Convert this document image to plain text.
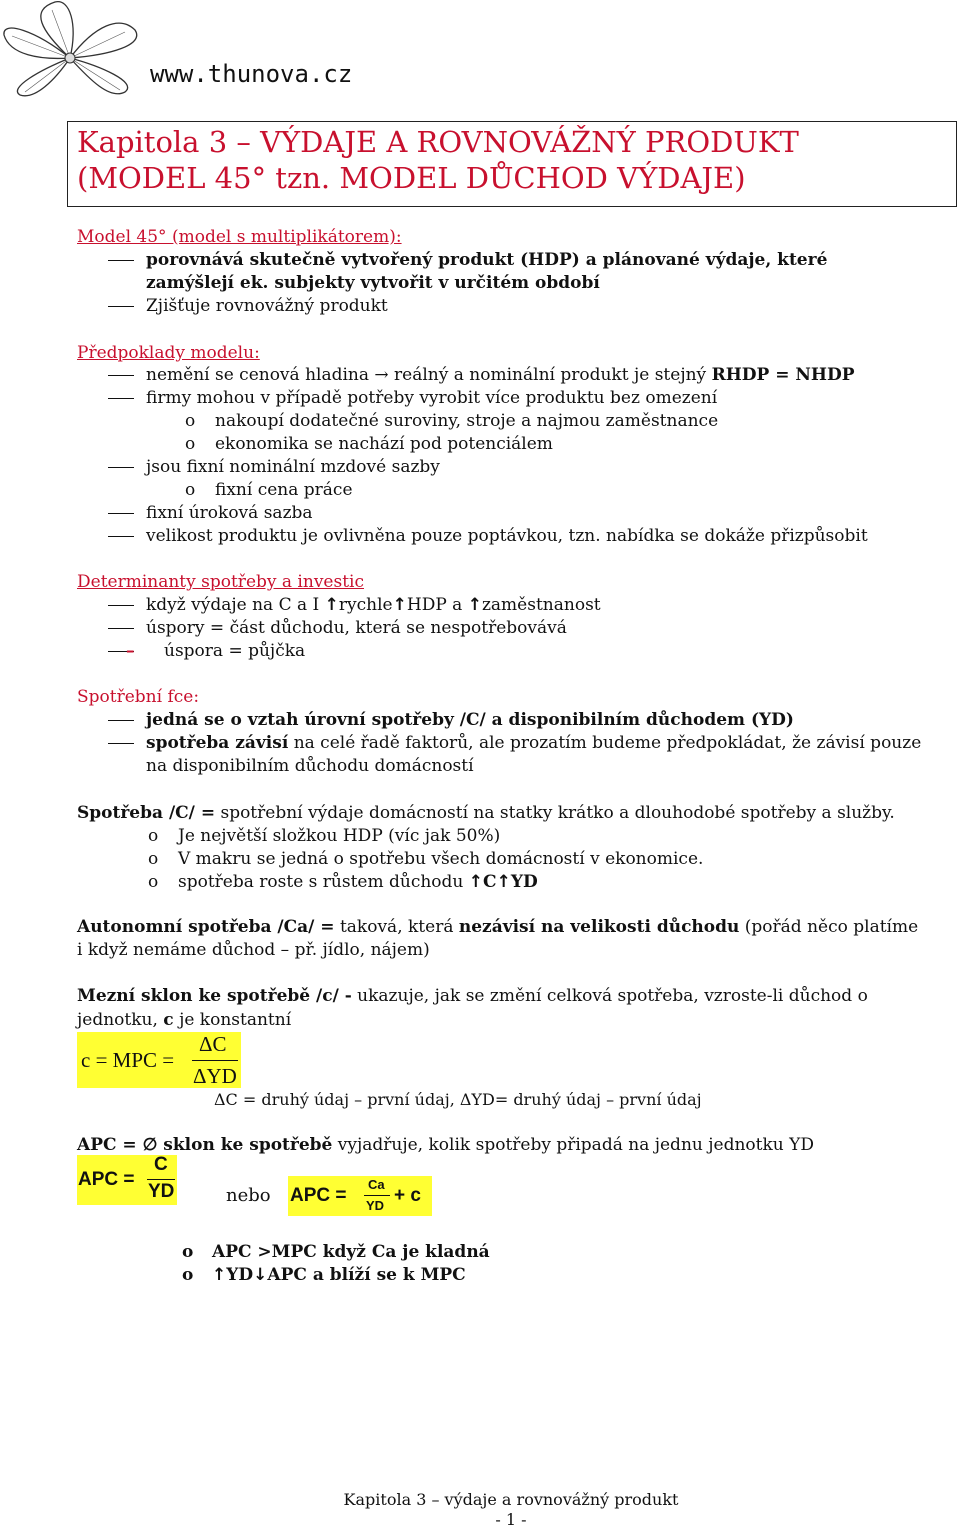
www.thunova.cz
Kapitola 3 – VÝDAJE A ROVNOVÁŽNÝ PRODUKT
(MODEL 45° tzn. MODEL DŮCHOD VÝDAJE)
Model 45° (model s multiplikátorem):
porovnává skutečně vytvořený produkt (HDP) a plánované výdaje, které
zamýšlejí ek. subjekty vytvořit v určitém období
Zjišťuje rovnovážný produkt
Předpoklady modelu:
nemění se cenová hladina → reálný a nominální produkt je stejný RHDP = NHDP
firmy mohou v případě potřeby vyrobit více produktu bez omezení
o nakoupí dodatečné suroviny, stroje a najmou zaměstnance
o ekonomika se nachází pod potenciálem
jsou fixní nominální mzdové sazby
o fixní cena práce
fixní úroková sazba
velikost produktu je ovlivněna pouze poptávkou, tzn. nabídka se dokáže přizpůsobit
Determinanty spotřeby a investic
když výdaje na C a I ↑rychle↑HDP a ↑zaměstnanost
úspory = část důchodu, která se nespotřebovává
– úspora = půjčka
Spotřební fce:
jedná se o vztah úrovní spotřeby /C/ a disponibilním důchodem (YD)
spotřeba závisí na celé řadě faktorů, ale prozatím budeme předpokládat, že závisí pouze
na disponibilním důchodu domácností
Spotřeba /C/ = spotřební výdaje domácností na statky krátko a dlouhodobé spotřeby a služby.
o Je největší složkou HDP (víc jak 50%)
o V makru se jedná o spotřebu všech domácností v ekonomice.
o spotřeba roste s růstem důchodu ↑C↑YD
Autonomní spotřeba /Ca/ = taková, která nezávisí na velikosti důchodu (pořád něco platíme
i když nemáme důchod – př. jídlo, nájem)
Mezní sklon ke spotřebě /c/ - ukazuje, jak se změní celková spotřeba, vzroste-li důchod o
jednotku, c je konstantní
c = MPC =
ΔC
ΔYD
ΔC = druhý údaj – první údaj, ΔYD= druhý údaj – první údaj
APC = ∅ sklon ke spotřebě vyjadřuje, kolik spotřeby připadá na jednu jednotku YD
APC =
C
YD	nebo APC =
Ca
YD + c
o APC >MPC když Ca je kladná
o ↑YD↓APC a blíží se k MPC
Kapitola 3 – výdaje a rovnovážný produkt
- 1 -
